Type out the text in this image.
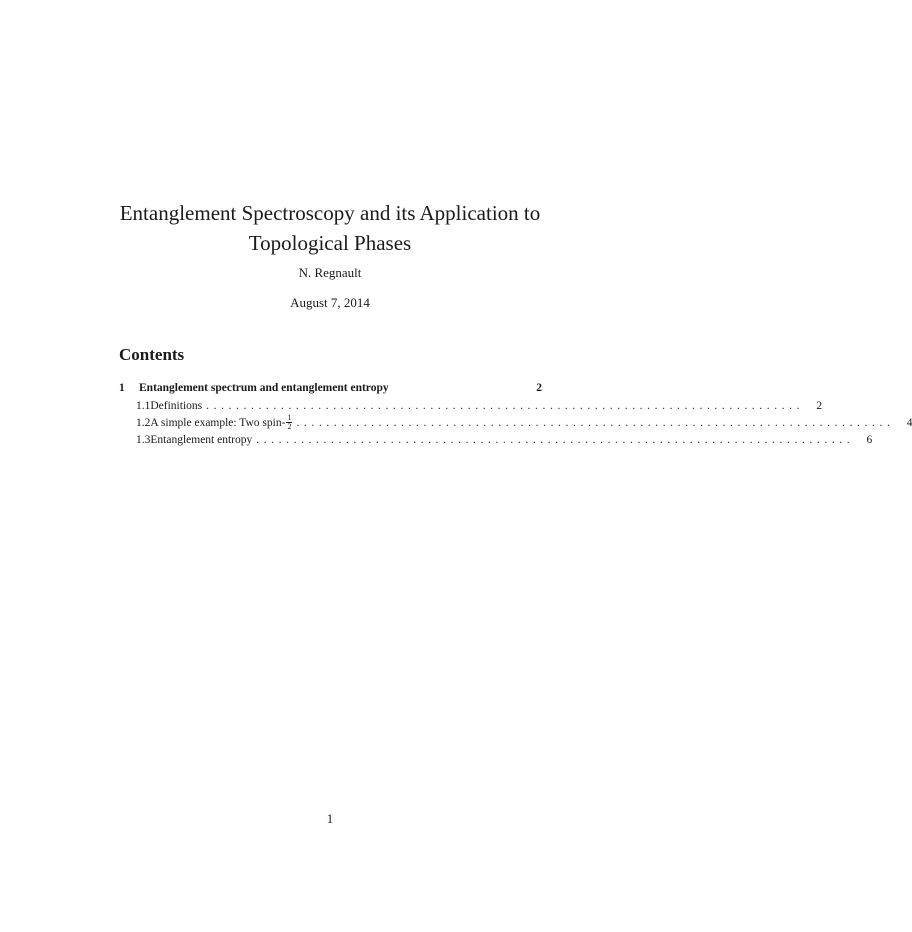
Entanglement Spectroscopy and its Application to
Topological Phases
N. Regnault
August 7, 2014
Contents
1	Entanglement spectrum and entanglement entropy	2
1.1 Definitions ................................................................................	2
1.2 A simple example: Two spin- $\frac{1}{2}$ ................................................................................	4
1.3 Entanglement entropy ................................................................................	6
1
